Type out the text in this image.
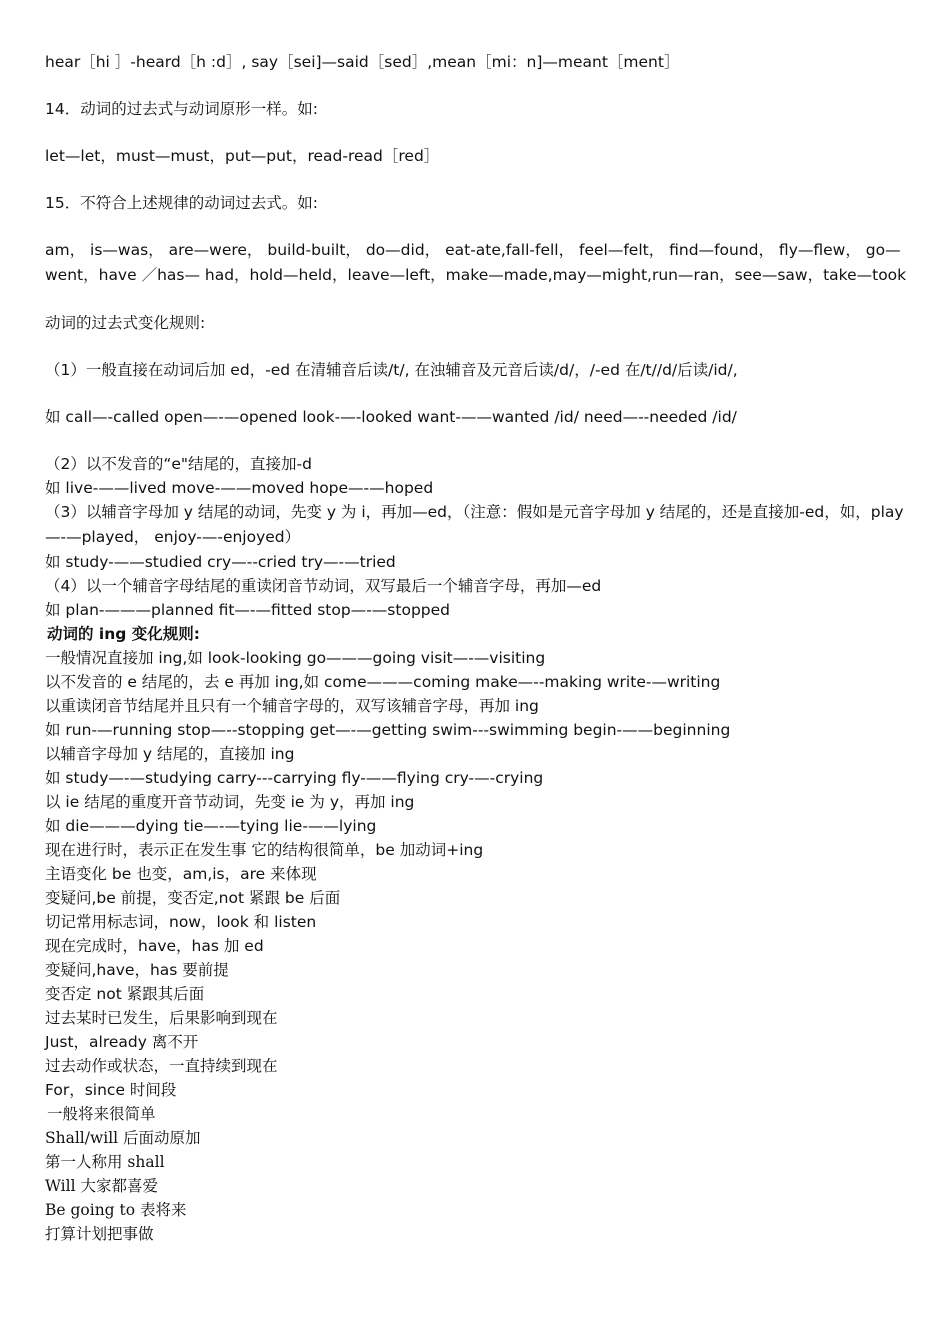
hear［hi ］-heard［h :d］, say［sei]—said［sed］,mean［mi：n]—meant［ment］

14．动词的过去式与动词原形一样。如:

let—let，must—must，put—put，read-read［red］

15．不符合上述规律的动词过去式。如:

am， is—was， are—were， build-built， do—did， eat-ate,fall-fell， feel—felt， find—found， fly—flew， go—went，have ／has— had，hold—held，leave—left，make—made,may—might,run—ran，see—saw，take—took

动词的过去式变化规则:

（1）一般直接在动词后加 ed，-ed 在清辅音后读/t/, 在浊辅音及元音后读/d/，/-ed 在/t//d/后读/id/,

如 call—-called open—-—opened look-—-looked want-——wanted /id/ need—--needed /id/

（2）以不发音的“e"结尾的，直接加-d

如 live-——lived move-——moved hope—-—hoped

（3）以辅音字母加 y 结尾的动词，先变 y 为 i，再加—ed，（注意：假如是元音字母加 y 结尾的，还是直接加-ed，如，play—-—played， enjoy-—-enjoyed）

如 study-——studied cry—--cried try—-—tried

（4）以一个辅音字母结尾的重读闭音节动词，双写最后一个辅音字母，再加—ed

如 plan-———planned fit—-—fitted stop—-—stopped

动词的 ing 变化规则:

一般情况直接加 ing,如 look-looking go———going visit—-—visiting

以不发音的 e 结尾的，去 e 再加 ing,如 come———coming make—--making write-—writing

以重读闭音节结尾并且只有一个辅音字母的，双写该辅音字母，再加 ing

如 run-—running stop—--stopping get—-—getting swim---swimming begin-——beginning

以辅音字母加 y 结尾的，直接加 ing

如 study—-—studying carry---carrying fly-——flying cry-—-crying

以 ie 结尾的重度开音节动词，先变 ie 为 y，再加 ing

如 die———dying tie—-—tying lie-——lying

现在进行时，表示正在发生事 它的结构很简单，be 加动词+ing

主语变化 be 也变，am,is，are 来体现

变疑问,be 前提，变否定,not 紧跟 be 后面

切记常用标志词，now，look 和 listen

现在完成时，have，has 加 ed

变疑问,have，has 要前提

变否定 not 紧跟其后面

过去某时已发生，后果影响到现在

Just，already 离不开

过去动作或状态，一直持续到现在

For，since 时间段

一般将来很简单

Shall/will 后面动原加

第一人称用 shall

Will 大家都喜爱

Be going to 表将来

打算计划把事做
